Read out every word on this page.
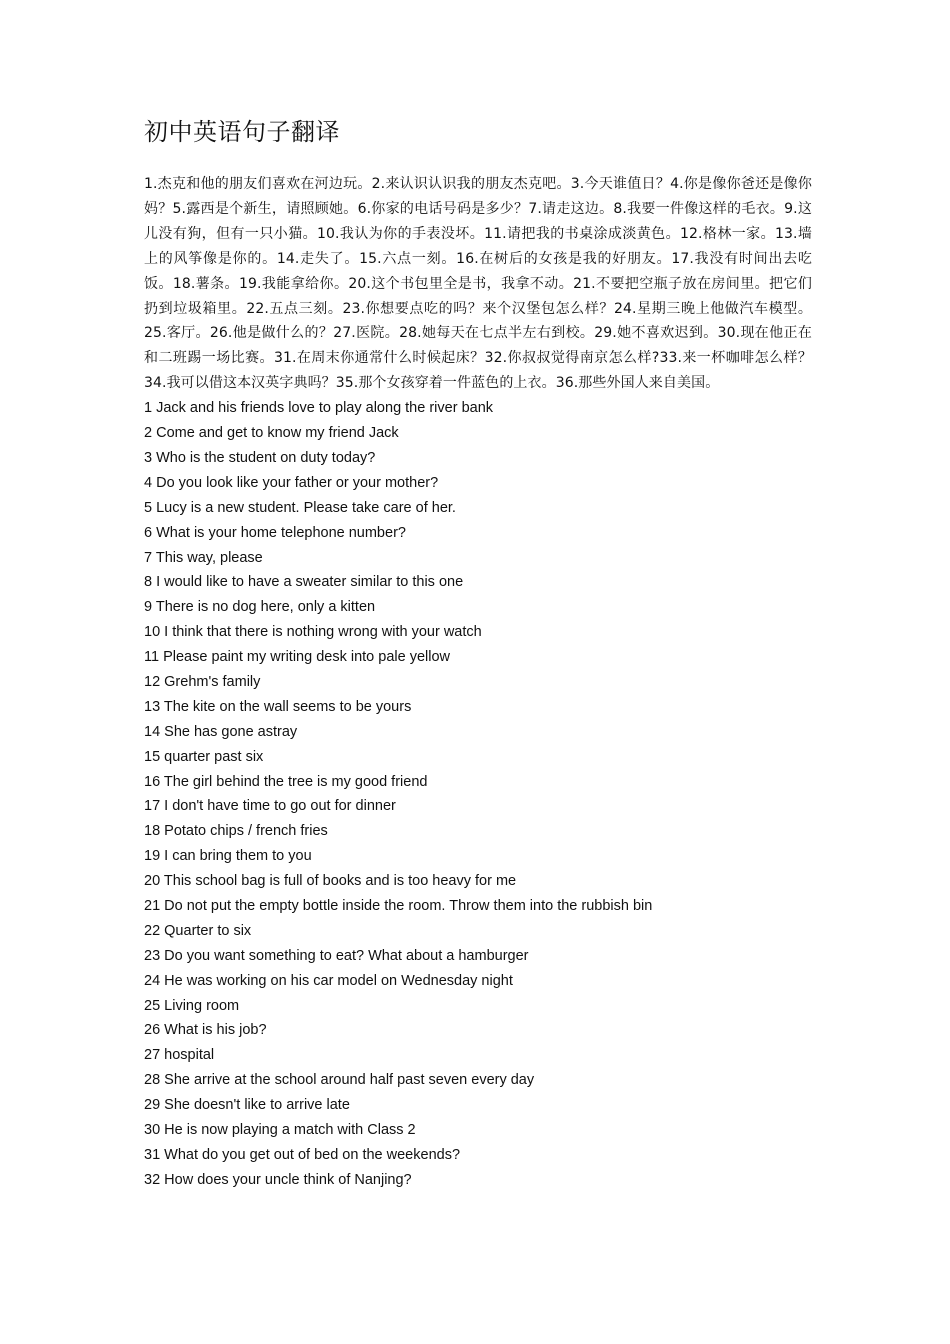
初中英语句子翻译

1.杰克和他的朋友们喜欢在河边玩。2.来认识认识我的朋友杰克吧。3.今天谁值日？4.你是像你爸还是像你妈？5.露西是个新生，请照顾她。6.你家的电话号码是多少？7.请走这边。8.我要一件像这样的毛衣。9.这儿没有狗，但有一只小猫。10.我认为你的手表没坏。11.请把我的书桌涂成淡黄色。12.格林一家。13.墙上的风筝像是你的。14.走失了。15.六点一刻。16.在树后的女孩是我的好朋友。17.我没有时间出去吃饭。18.薯条。19.我能拿给你。20.这个书包里全是书，我拿不动。21.不要把空瓶子放在房间里。把它们扔到垃圾箱里。22.五点三刻。23.你想要点吃的吗？来个汉堡包怎么样？24.星期三晚上他做汽车模型。25.客厅。26.他是做什么的？27.医院。28.她每天在七点半左右到校。29.她不喜欢迟到。30.现在他正在和二班踢一场比赛。31.在周末你通常什么时候起床？32.你叔叔觉得南京怎么样?33.来一杯咖啡怎么样？34.我可以借这本汉英字典吗？35.那个女孩穿着一件蓝色的上衣。36.那些外国人来自美国。

1 Jack and his friends love to play along the river bank
2 Come and get to know my friend Jack
3 Who is the student on duty today?
4 Do you look like your father or your mother?
5 Lucy is a new student. Please take care of her.
6 What is your home telephone number?
7 This way, please
8 I would like to have a sweater similar to this one
9 There is no dog here, only a kitten
10 I think that there is nothing wrong with your watch
11 Please paint my writing desk into pale yellow
12 Grehm's family
13 The kite on the wall seems to be yours
14 She has gone astray
15 quarter past six
16 The girl behind the tree is my good friend
17 I don't have time to go out for dinner
18 Potato chips / french fries
19 I can bring them to you
20 This school bag is full of books and is too heavy for me
21 Do not put the empty bottle inside the room. Throw them into the rubbish bin
22 Quarter to six
23 Do you want something to eat? What about a hamburger
24 He was working on his car model on Wednesday night
25 Living room
26 What is his job?
27 hospital
28 She arrive at the school around half past seven every day
29 She doesn't like to arrive late
30 He is now playing a match with Class 2
31 What do you get out of bed on the weekends?
32 How does your uncle think of Nanjing?
